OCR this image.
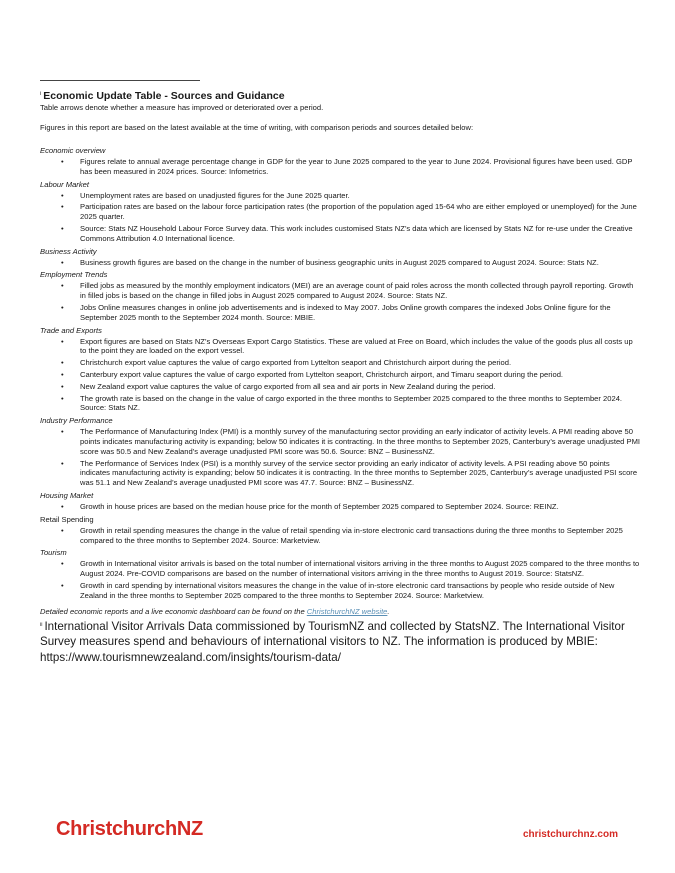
$^i$ Economic Update Table - Sources and Guidance

Table arrows denote whether a measure has improved or deteriorated over a period.

Figures in this report are based on the latest available at the time of writing, with comparison periods and sources detailed below:

Economic overview

• Figures relate to annual average percentage change in GDP for the year to June 2025 compared to the year to June 2024. Provisional figures have been used. GDP has been measured in 2024 prices. Source: Infometrics.

Labour Market

• Unemployment rates are based on unadjusted figures for the June 2025 quarter.
• Participation rates are based on the labour force participation rates (the proportion of the population aged 15-64 who are either employed or unemployed) for the June 2025 quarter.
• Source: Stats NZ Household Labour Force Survey data. This work includes customised Stats NZ’s data which are licensed by Stats NZ for re-use under the Creative Commons Attribution 4.0 International licence.

Business Activity

• Business growth figures are based on the change in the number of business geographic units in August 2025 compared to August 2024. Source: Stats NZ.

Employment Trends

• Filled jobs as measured by the monthly employment indicators (MEI) are an average count of paid roles across the month collected through payroll reporting. Growth in filled jobs is based on the change in filled jobs in August 2025 compared to August 2024. Source: Stats NZ.
• Jobs Online measures changes in online job advertisements and is indexed to May 2007. Jobs Online growth compares the indexed Jobs Online figure for the September 2025 month to the September 2024 month. Source: MBIE.

Trade and Exports

• Export figures are based on Stats NZ’s Overseas Export Cargo Statistics. These are valued at Free on Board, which includes the value of the goods plus all costs up to the point they are loaded on the export vessel.
• Christchurch export value captures the value of cargo exported from Lyttelton seaport and Christchurch airport during the period.
• Canterbury export value captures the value of cargo exported from Lyttelton seaport, Christchurch airport, and Timaru seaport during the period.
• New Zealand export value captures the value of cargo exported from all sea and air ports in New Zealand during the period.
• The growth rate is based on the change in the value of cargo exported in the three months to September 2025 compared to the three months to September 2024. Source: Stats NZ.

Industry Performance

• The Performance of Manufacturing Index (PMI) is a monthly survey of the manufacturing sector providing an early indicator of activity levels. A PMI reading above 50 points indicates manufacturing activity is expanding; below 50 indicates it is contracting. In the three months to September 2025, Canterbury’s average unadjusted PMI score was 50.5 and New Zealand’s average unadjusted PMI score was 50.6. Source: BNZ – BusinessNZ.
• The Performance of Services Index (PSI) is a monthly survey of the service sector providing an early indicator of activity levels. A PSI reading above 50 points indicates manufacturing activity is expanding; below 50 indicates it is contracting. In the three months to September 2025, Canterbury’s average unadjusted PSI score was 51.1 and New Zealand’s average unadjusted PMI score was 47.7. Source: BNZ – BusinessNZ.

Housing Market

• Growth in house prices are based on the median house price for the month of September 2025 compared to September 2024. Source: REINZ.

Retail Spending

• Growth in retail spending measures the change in the value of retail spending via in-store electronic card transactions during the three months to September 2025 compared to the three months to September 2024. Source: Marketview.

Tourism

• Growth in International visitor arrivals is based on the total number of international visitors arriving in the three months to August 2025 compared to the three months to August 2024. Pre-COVID comparisons are based on the number of international visitors arriving in the three months to August 2019. Source: StatsNZ.
• Growth in card spending by international visitors measures the change in the value of in-store electronic card transactions by people who reside outside of New Zealand in the three months to September 2025 compared to the three months to September 2024. Source: Marketview.

Detailed economic reports and a live economic dashboard can be found on the ChristchurchNZ website.

$^{ii}$ International Visitor Arrivals Data commissioned by TourismNZ and collected by StatsNZ. The International Visitor Survey measures spend and behaviours of international visitors to NZ. The information is produced by MBIE: https://www.tourismnewzealand.com/insights/tourism-data/

ChristchurchNZ	christchurchnz.com
